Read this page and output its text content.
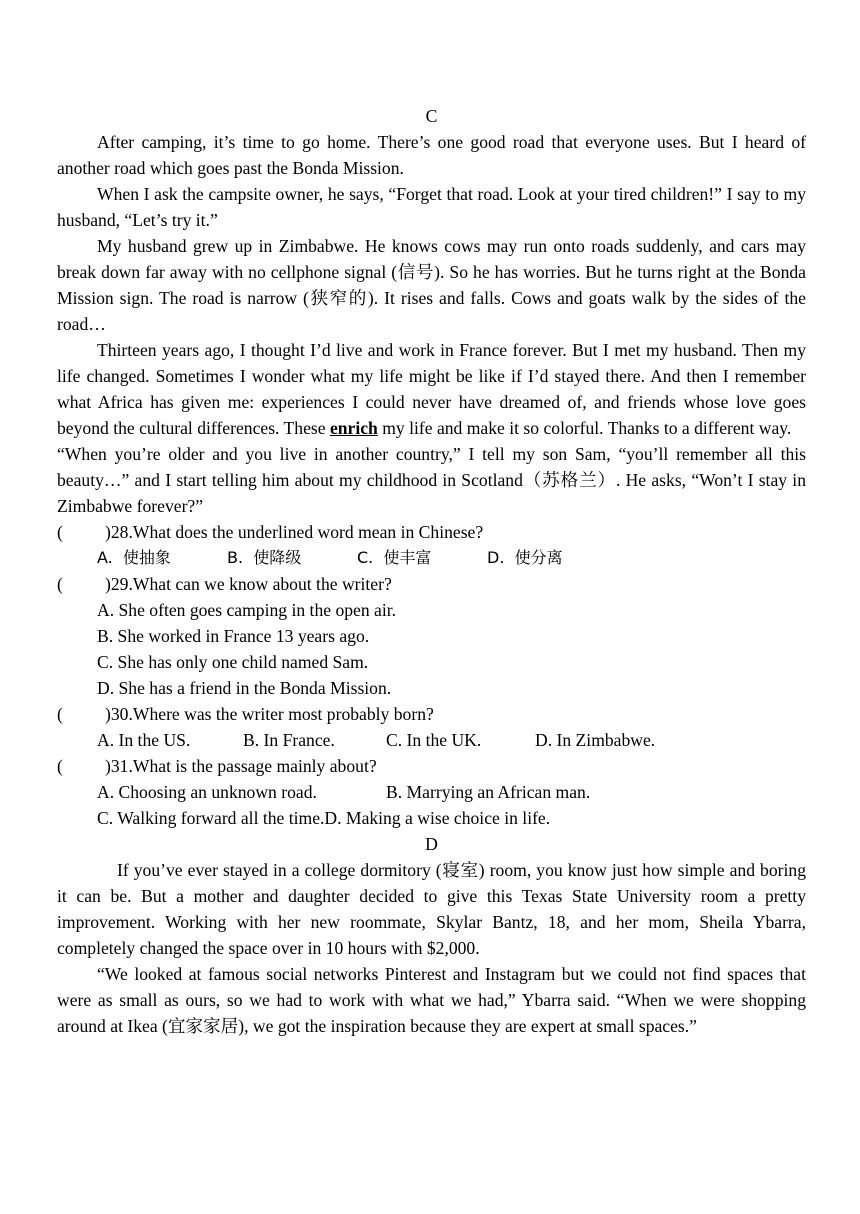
C

After camping, it’s time to go home. There’s one good road that everyone uses. But I heard of another road which goes past the Bonda Mission.

When I ask the campsite owner, he says, “Forget that road. Look at your tired children!” I say to my husband, “Let’s try it.”

My husband grew up in Zimbabwe. He knows cows may run onto roads suddenly, and cars may break down far away with no cellphone signal (信号). So he has worries. But he turns right at the Bonda Mission sign. The road is narrow (狭窄的). It rises and falls. Cows and goats walk by the sides of the road…

Thirteen years ago, I thought I’d live and work in France forever. But I met my husband. Then my life changed. Sometimes I wonder what my life might be like if I’d stayed there. And then I remember what Africa has given me: experiences I could never have dreamed of, and friends whose love goes beyond the cultural differences. These enrich my life and make it so colorful. Thanks to a different way.

“When you’re older and you live in another country,” I tell my son Sam, “you’ll remember all this beauty…” and I start telling him about my childhood in Scotland（苏格兰）. He asks, “Won’t I stay in Zimbabwe forever?”

(	)28.What does the underlined word mean in Chinese?
A.  使抽象	B.  使降级	C.  使丰富	D.  使分离
(	)29.What can we know about the writer?
A. She often goes camping in the open air.
B. She worked in France 13 years ago.
C. She has only one child named Sam.
D. She has a friend in the Bonda Mission.
(	)30.Where was the writer most probably born?
A. In the US.	B. In France.	C. In the UK.	D. In Zimbabwe.
(	)31.What is the passage mainly about?
A. Choosing an unknown road.	B. Marrying an African man.
C. Walking forward all the time. D. Making a wise choice in life.
D

If you’ve ever stayed in a college dormitory (寝室) room, you know just how simple and boring it can be. But a mother and daughter decided to give this Texas State University room a pretty improvement. Working with her new roommate, Skylar Bantz, 18, and her mom, Sheila Ybarra, completely changed the space over in 10 hours with $2,000.

“We looked at famous social networks Pinterest and Instagram but we could not find spaces that were as small as ours, so we had to work with what we had,” Ybarra said. “When we were shopping around at Ikea (宜家家居), we got the inspiration because they are expert at small spaces.”
